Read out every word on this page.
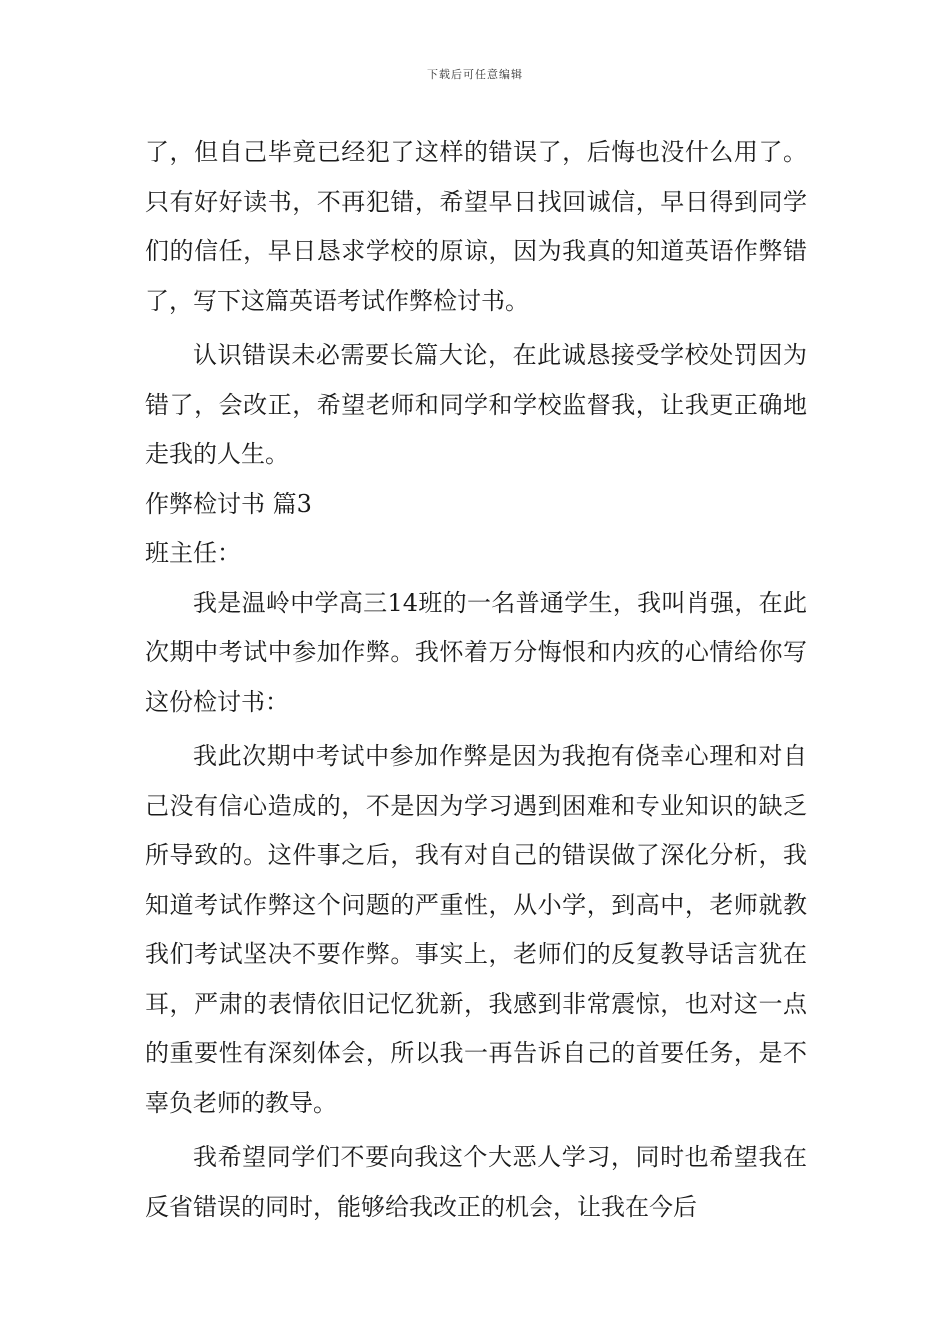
下载后可任意编辑

了，但自己毕竟已经犯了这样的错误了，后悔也没什么用了。只有好好读书，不再犯错，希望早日找回诚信，早日得到同学们的信任，早日恳求学校的原谅，因为我真的知道英语作弊错了，写下这篇英语考试作弊检讨书。

认识错误未必需要长篇大论，在此诚恳接受学校处罚因为错了，会改正，希望老师和同学和学校监督我，让我更正确地走我的人生。

作弊检讨书 篇3

班主任：

我是温岭中学高三14班的一名普通学生，我叫肖强，在此次期中考试中参加作弊。我怀着万分悔恨和内疚的心情给你写这份检讨书：

我此次期中考试中参加作弊是因为我抱有侥幸心理和对自己没有信心造成的，不是因为学习遇到困难和专业知识的缺乏所导致的。这件事之后，我有对自己的错误做了深化分析，我知道考试作弊这个问题的严重性，从小学，到高中，老师就教我们考试坚决不要作弊。事实上，老师们的反复教导话言犹在耳，严肃的表情依旧记忆犹新，我感到非常震惊，也对这一点的重要性有深刻体会，所以我一再告诉自己的首要任务，是不辜负老师的教导。

我希望同学们不要向我这个大恶人学习，同时也希望我在反省错误的同时，能够给我改正的机会，让我在今后
